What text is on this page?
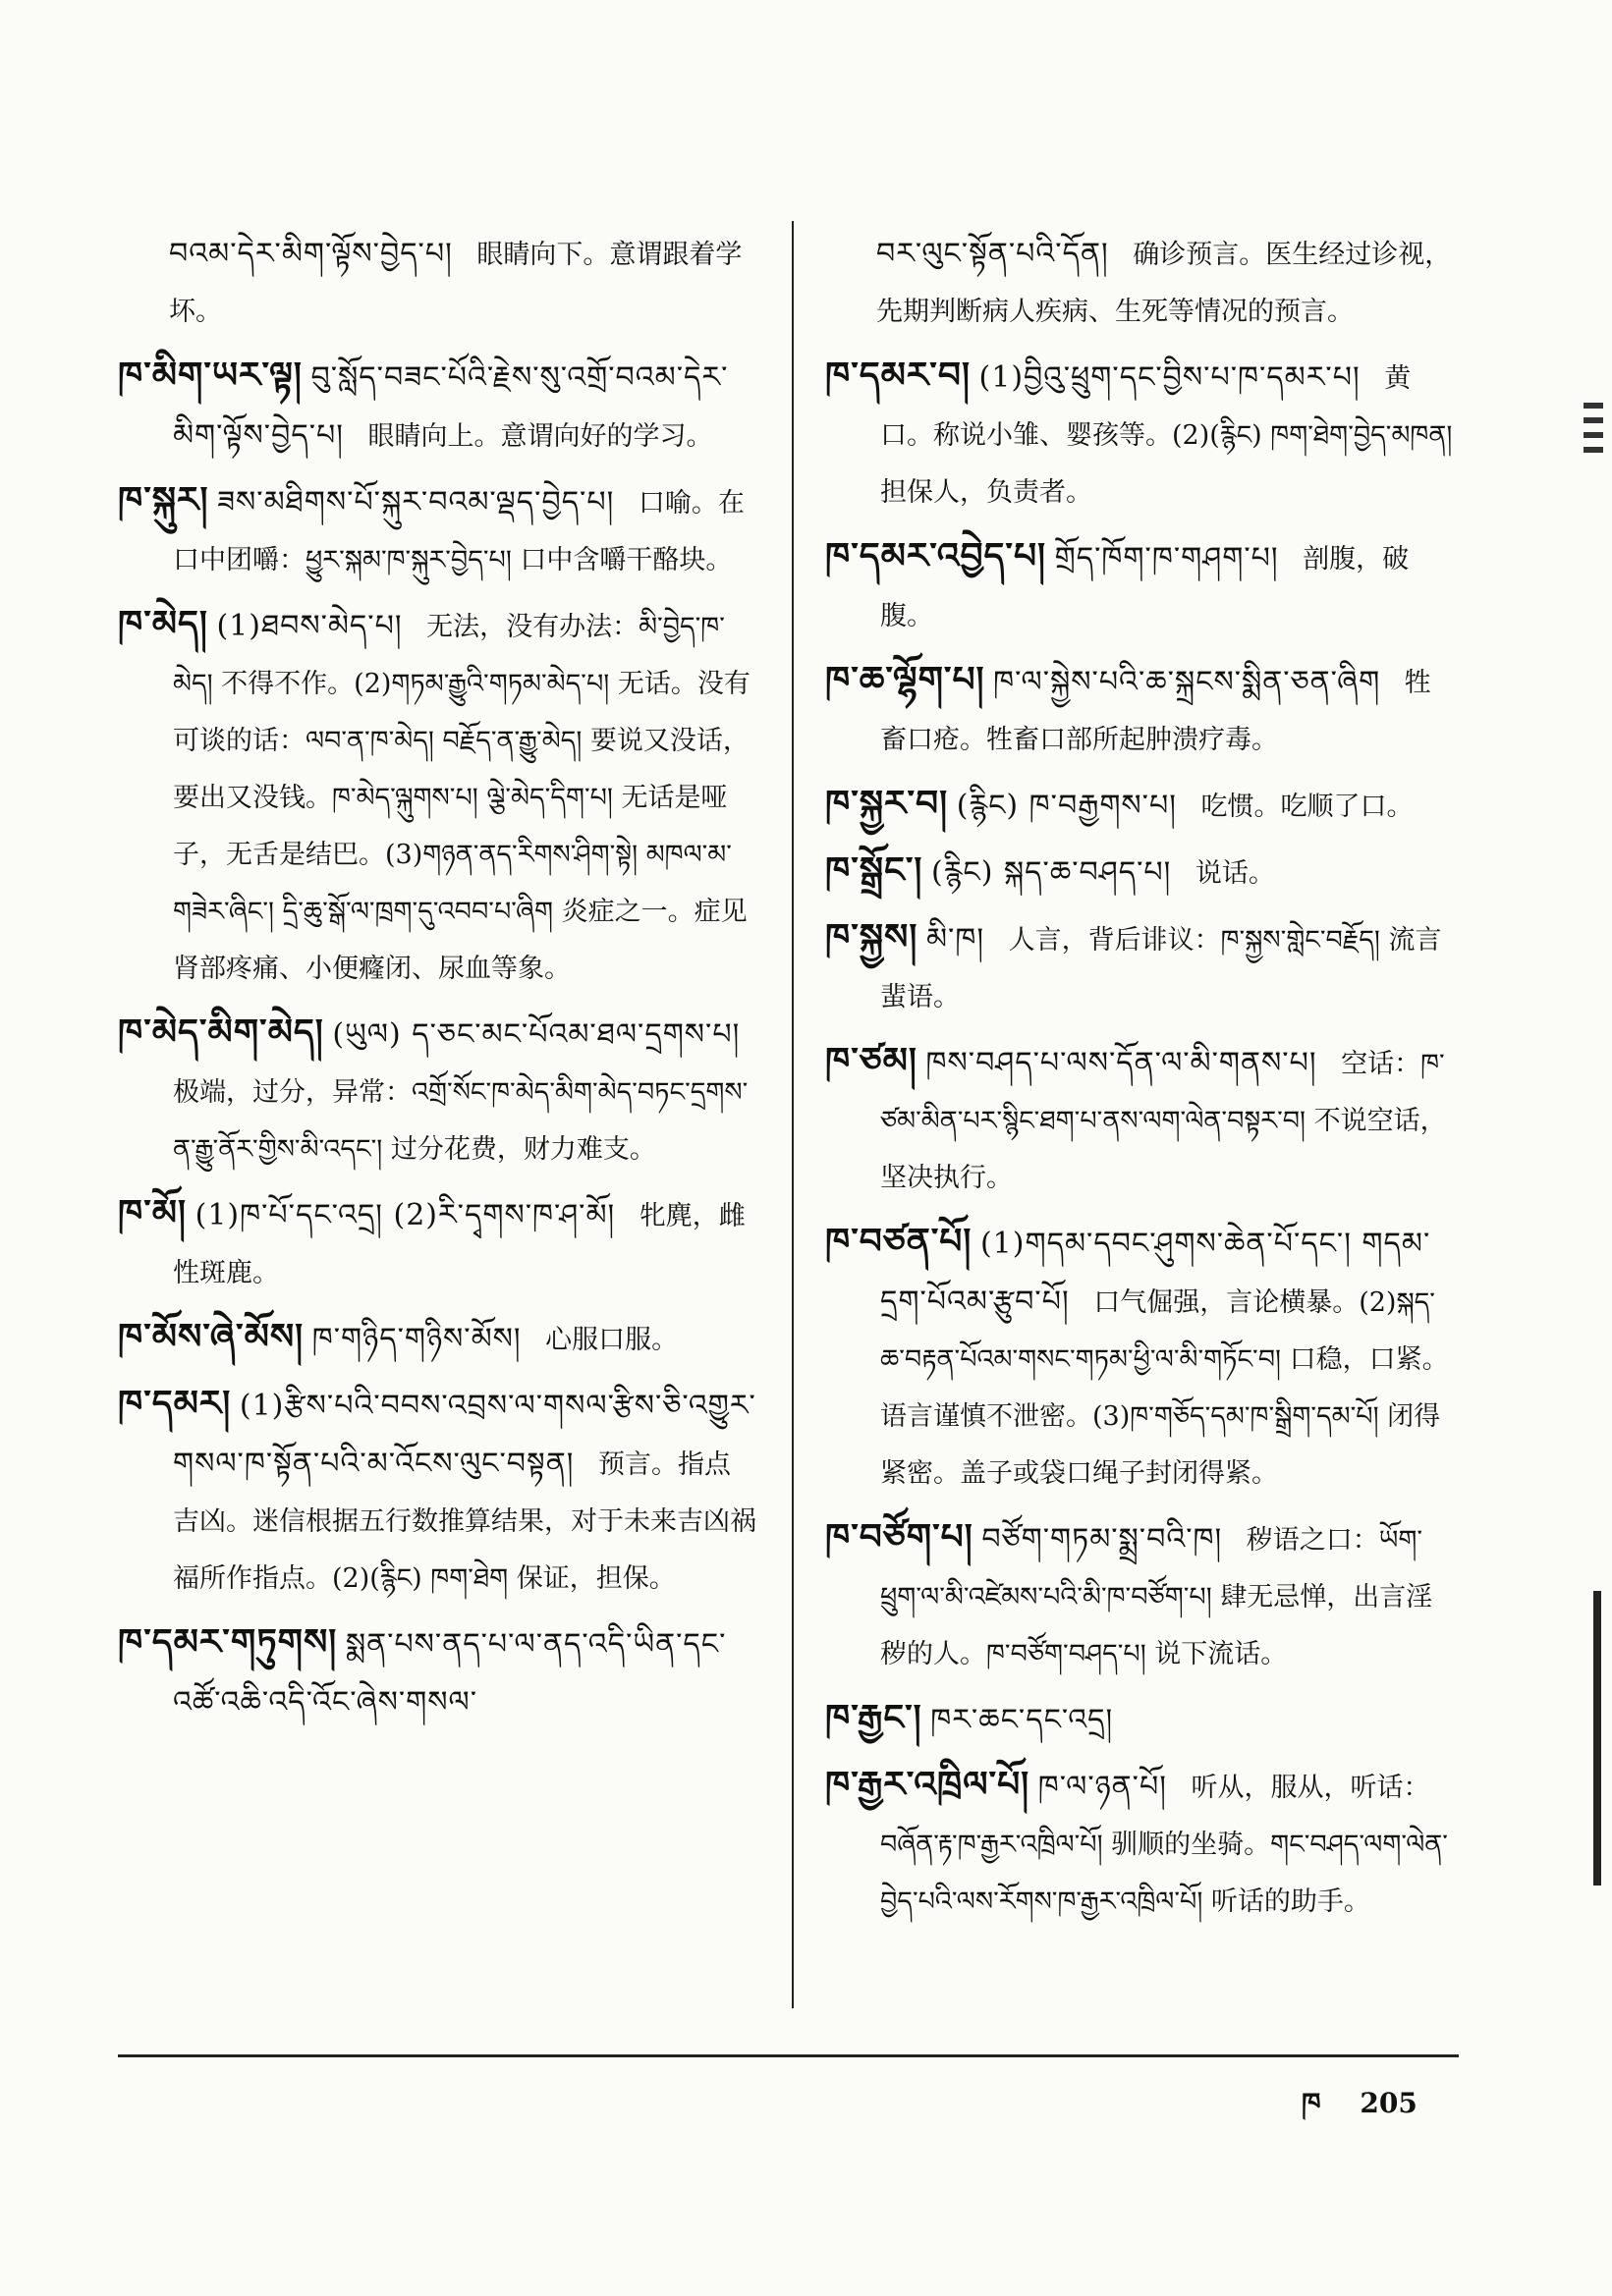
བའམ་དེར་མིག་ལྟོས་བྱེད་པ། 眼睛向下。意谓跟着学坏。
ཁ་མིག་ཡར་ལྟ། བུ་སློད་བཟང་པོའི་རྗེས་སུ་འགྲོ་བའམ་དེར་མིག་ལྟོས་བྱེད་པ། 眼睛向上。意谓向好的学习。
ཁ་སྐུར། ཟས་མཐིགས་པོ་སྐུར་བའམ་ལྡད་བྱེད་པ། 口喻。在口中团嚼：ཕྱུར་སྐམ་ཁ་སྐུར་བྱེད་པ། 口中含嚼干酪块。
ཁ་མེད། (1)ཐབས་མེད་པ། 无法，没有办法：མི་བྱེད་ཁ་མེད། 不得不作。(2)གཏམ་རྒྱུའི་གཏམ་མེད་པ། 无话。没有可谈的话：ལབ་ན་ཁ་མེད། བརྗོད་ན་རྒྱུ་མེད། 要说又没话，要出又没钱。ཁ་མེད་ལྐུགས་པ། ལྕེ་མེད་དིག་པ། 无话是哑子，无舌是结巴。(3)གཉན་ནད་རིགས་ཤིག་སྟེ། མཁལ་མ་གཟེར་ཞིང་། དྲི་ཆུ་སྒོ་ལ་ཁྲག་དུ་འབབ་པ་ཞིག 炎症之一。症见肾部疼痛、小便癃闭、尿血等象。
ཁ་མེད་མིག་མེད། (ཡུལ) ད་ཅང་མང་པོའམ་ཐལ་དྲགས་པ། 极端，过分，异常：འགྲོ་སོང་ཁ་མེད་མིག་མེད་བཏང་དྲགས་ན་རྒྱུ་ནོར་གྱིས་མི་འདང་། 过分花费，财力难支。
ཁ་མོ། (1)ཁ་པོ་དང་འདྲ། (2)རི་དྭགས་ཁ་ཤ་མོ། 牝麂，雌性斑鹿。
ཁ་མོས་ཞེ་མོས། ཁ་གཉིད་གཉིས་མོས། 心服口服。
ཁ་དམར། (1)རྩིས་པའི་བབས་འབྲས་ལ་གསལ་རྩིས་ཅི་འགྱུར་གསལ་ཁ་སྟོན་པའི་མ་འོངས་ལུང་བསྟན། 预言。指点吉凶。迷信根据五行数推算结果，对于未来吉凶祸福所作指点。(2)(རྙིང) ཁག་ཐེག 保证，担保。
ཁ་དམར་གཏུགས། སྨན་པས་ནད་པ་ལ་ནད་འདི་ཡིན་དང་འཚོ་འཆི་འདི་འོང་ཞེས་གསལ་
བར་ལུང་སྟོན་པའི་དོན། 确诊预言。医生经过诊视，先期判断病人疾病、生死等情况的预言。
ཁ་དམར་བ། (1)བྱིའུ་ཕྲུག་དང་བྱིས་པ་ཁ་དམར་པ། 黄口。称说小雏、婴孩等。(2)(རྙིང) ཁག་ཐེག་བྱེད་མཁན། 担保人，负责者。
ཁ་དམར་འབྱེད་པ། གྲོད་ཁོག་ཁ་གཤག་པ། 剖腹，破腹。
ཁ་ཆ་ལྷོག་པ། ཁ་ལ་སྐྱེས་པའི་ཆ་སྐྲངས་སྨིན་ཅན་ཞིག 牲畜口疮。牲畜口部所起肿溃疗毒。
ཁ་སྐྱར་བ། (རྙིང) ཁ་བརྒྱགས་པ། 吃惯。吃顺了口。
ཁ་སྒྲོང་། (རྙིང) སྐད་ཆ་བཤད་པ། 说话。
ཁ་སྐྱས། མི་ཁ། 人言，背后诽议：ཁ་སྐྱས་གླེང་བརྗོད། 流言蜚语。
ཁ་ཙམ། ཁས་བཤད་པ་ལས་དོན་ལ་མི་གནས་པ། 空话：ཁ་ཙམ་མིན་པར་སྙིང་ཐག་པ་ནས་ལག་ལེན་བསྟར་བ། 不说空话，坚决执行。
ཁ་བཙན་པོ། (1)གདམ་དབང་ཤུགས་ཆེན་པོ་དང་། གདམ་དྲག་པོའམ་རྩུབ་པོ། 口气倔强，言论横暴。(2)སྐད་ཆ་བརྟན་པོའམ་གསང་གཏམ་ཕྱི་ལ་མི་གཏོང་བ། 口稳，口紧。语言谨慎不泄密。(3)ཁ་གཅོད་དམ་ཁ་སྒྲིག་དམ་པོ། 闭得紧密。盖子或袋口绳子封闭得紧。
ཁ་བཙོག་པ། བཙོག་གཏམ་སྨྲ་བའི་ཁ། 秽语之口：ཡོག་ཕྲུག་ལ་མི་འཛེམས་པའི་མི་ཁ་བཙོག་པ། 肆无忌惮，出言淫秽的人。ཁ་བཙོག་བཤད་པ། 说下流话。
ཁ་རྒྱང་། ཁར་ཆང་དང་འདྲ།
ཁ་རྒྱར་འཁྲིལ་པོ། ཁ་ལ་ཉན་པོ། 听从，服从，听话：བཞོན་རྟ་ཁ་རྒྱར་འཁྲིལ་པོ། 驯顺的坐骑。གང་བཤད་ལག་ལེན་བྱེད་པའི་ལས་རོགས་ཁ་རྒྱར་འཁྲིལ་པོ། 听话的助手。
ཁ 205
